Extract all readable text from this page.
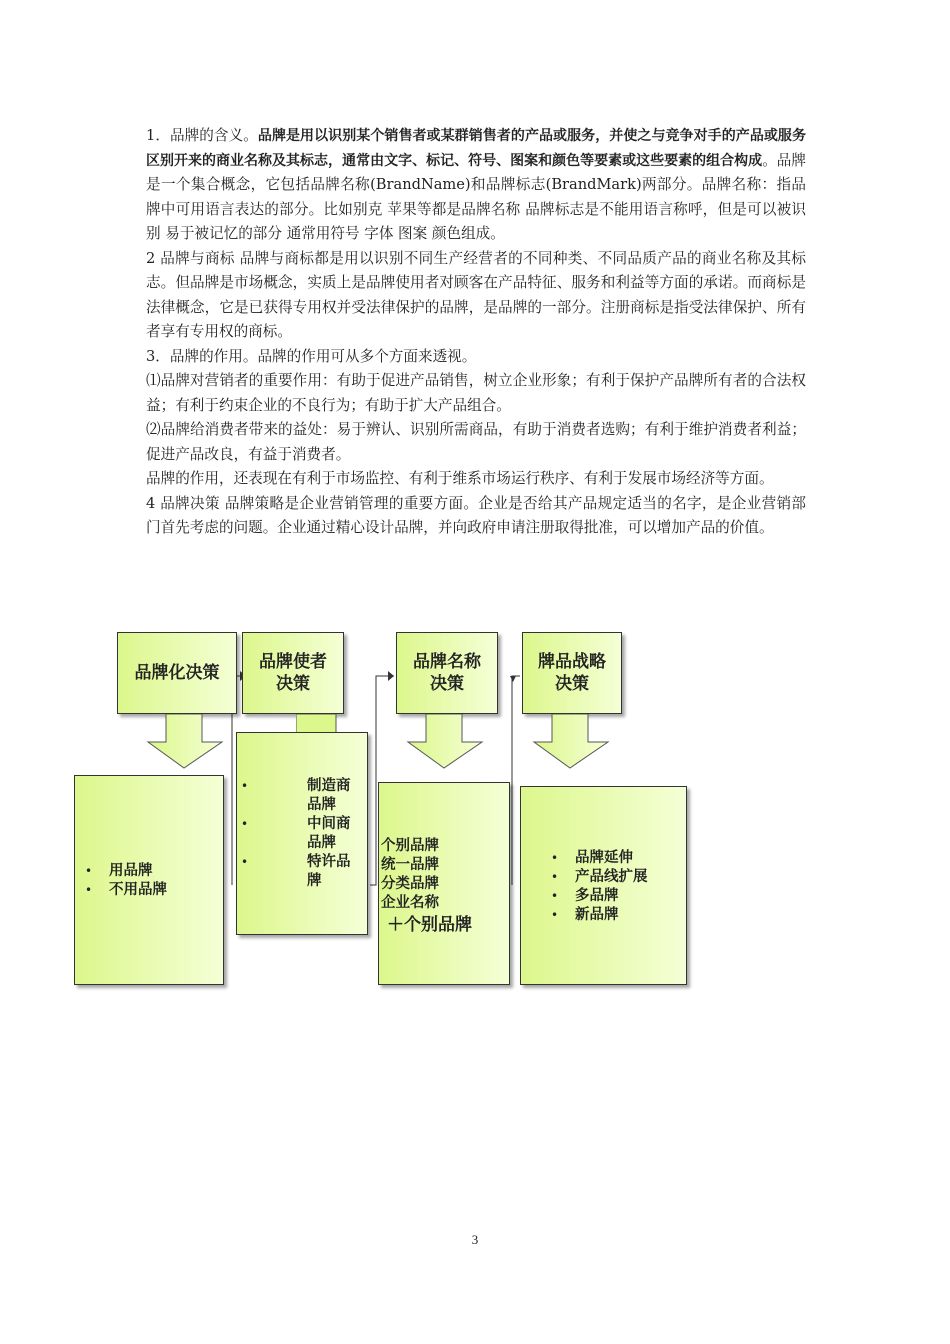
1．品牌的含义。品牌是用以识别某个销售者或某群销售者的产品或服务，并使之与竞争对手的产品或服务区别开来的商业名称及其标志，通常由文字、标记、符号、图案和颜色等要素或这些要素的组合构成。品牌是一个集合概念，它包括品牌名称(BrandName)和品牌标志(BrandMark)两部分。品牌名称：指品牌中可用语言表达的部分。比如别克 苹果等都是品牌名称 品牌标志是不能用语言称呼，但是可以被识别 易于被记忆的部分 通常用符号 字体 图案 颜色组成。

2 品牌与商标 品牌与商标都是用以识别不同生产经营者的不同种类、不同品质产品的商业名称及其标志。但品牌是市场概念，实质上是品牌使用者对顾客在产品特征、服务和利益等方面的承诺。而商标是法律概念，它是已获得专用权并受法律保护的品牌，是品牌的一部分。注册商标是指受法律保护、所有者享有专用权的商标。

3．品牌的作用。品牌的作用可从多个方面来透视。

⑴品牌对营销者的重要作用：有助于促进产品销售，树立企业形象；有利于保护产品牌所有者的合法权益；有利于约束企业的不良行为；有助于扩大产品组合。

⑵品牌给消费者带来的益处：易于辨认、识别所需商品，有助于消费者选购；有利于维护消费者利益；促进产品改良，有益于消费者。

品牌的作用，还表现在有利于市场监控、有利于维系市场运行秩序、有利于发展市场经济等方面。

4 品牌决策 品牌策略是企业营销管理的重要方面。企业是否给其产品规定适当的名字，是企业营销部门首先考虑的问题。企业通过精心设计品牌，并向政府申请注册取得批准，可以增加产品的价值。

品牌化决策
品牌使者
决策
品牌名称
决策
牌品战略
决策
• 用品牌
• 不用品牌
• 制造商品牌
• 中间商品牌
• 特许品牌
个别品牌
统一品牌
分类品牌
企业名称
＋个别品牌
• 品牌延伸
• 产品线扩展
• 多品牌
• 新品牌
3
